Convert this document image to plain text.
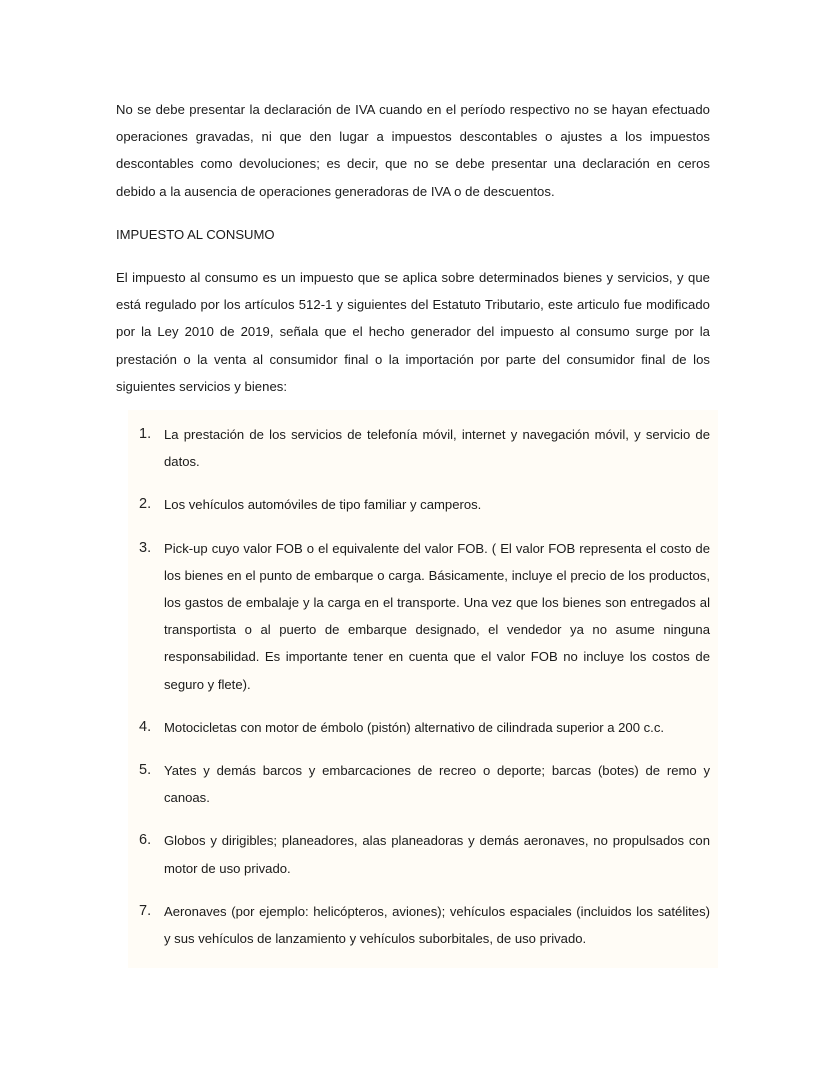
No se debe presentar la declaración de IVA cuando en el período respectivo no se hayan efectuado operaciones gravadas, ni que den lugar a impuestos descontables o ajustes a los impuestos descontables como devoluciones; es decir, que no se debe presentar una declaración en ceros debido a la ausencia de operaciones generadoras de IVA o de descuentos.

IMPUESTO AL CONSUMO

El impuesto al consumo es un impuesto que se aplica sobre determinados bienes y servicios, y que está regulado por los artículos 512-1 y siguientes del Estatuto Tributario, este articulo fue modificado por la Ley 2010 de 2019, señala que el hecho generador del impuesto al consumo surge por la prestación o la venta al consumidor final o la importación por parte del consumidor final de los siguientes servicios y bienes:

1. La prestación de los servicios de telefonía móvil, internet y navegación móvil, y servicio de datos.
2. Los vehículos automóviles de tipo familiar y camperos.
3. Pick-up cuyo valor FOB o el equivalente del valor FOB. ( El valor FOB representa el costo de los bienes en el punto de embarque o carga. Básicamente, incluye el precio de los productos, los gastos de embalaje y la carga en el transporte. Una vez que los bienes son entregados al transportista o al puerto de embarque designado, el vendedor ya no asume ninguna responsabilidad. Es importante tener en cuenta que el valor FOB no incluye los costos de seguro y flete).
4. Motocicletas con motor de émbolo (pistón) alternativo de cilindrada superior a 200 c.c.
5. Yates y demás barcos y embarcaciones de recreo o deporte; barcas (botes) de remo y canoas.
6. Globos y dirigibles; planeadores, alas planeadoras y demás aeronaves, no propulsados con motor de uso privado.
7. Aeronaves (por ejemplo: helicópteros, aviones); vehículos espaciales (incluidos los satélites) y sus vehículos de lanzamiento y vehículos suborbitales, de uso privado.
